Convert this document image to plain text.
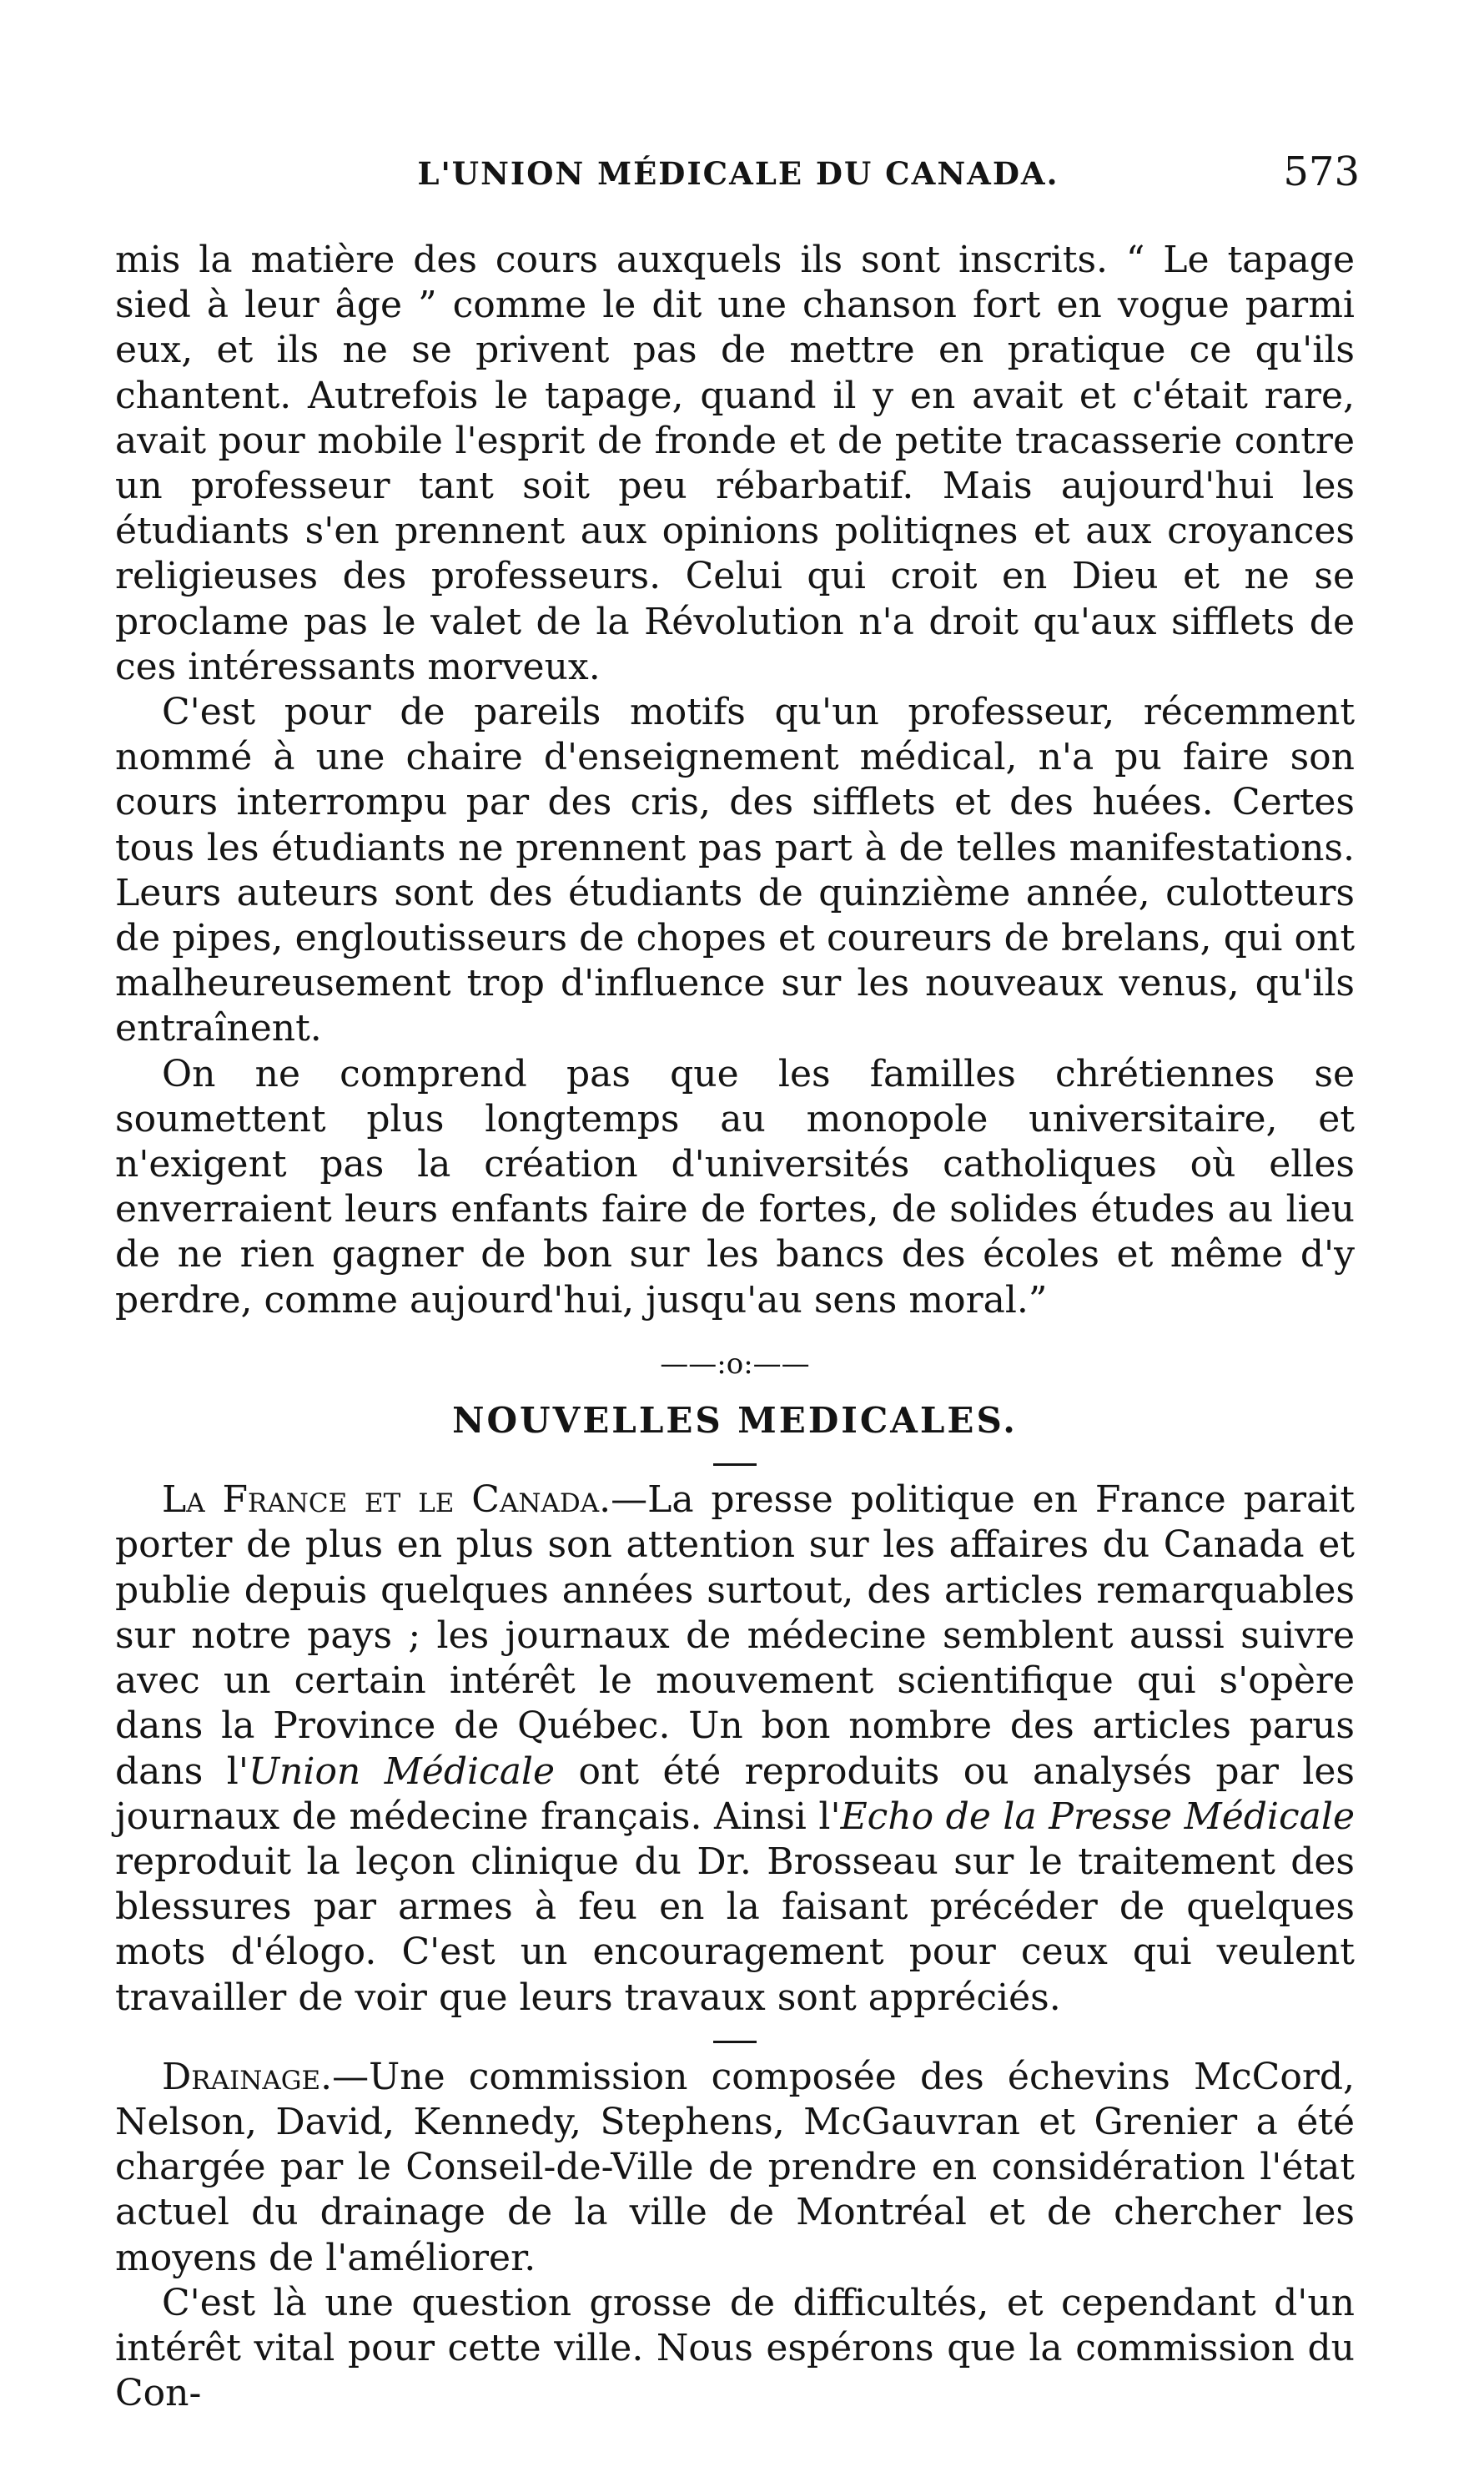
L'UNION MÉDICALE DU CANADA.	573

mis la matière des cours auxquels ils sont inscrits. “ Le tapage sied à leur âge ” comme le dit une chanson fort en vogue parmi eux, et ils ne se privent pas de mettre en pratique ce qu'ils chantent. Autrefois le tapage, quand il y en avait et c'était rare, avait pour mobile l'esprit de fronde et de petite tracasserie contre un professeur tant soit peu rébarbatif. Mais aujourd'hui les étudiants s'en prennent aux opinions politiqnes et aux croyances religieuses des professeurs. Celui qui croit en Dieu et ne se proclame pas le valet de la Révolution n'a droit qu'aux sifflets de ces intéressants morveux.

C'est pour de pareils motifs qu'un professeur, récemment nommé à une chaire d'enseignement médical, n'a pu faire son cours interrompu par des cris, des sifflets et des huées. Certes tous les étudiants ne prennent pas part à de telles manifestations. Leurs auteurs sont des étudiants de quinzième année, culotteurs de pipes, engloutisseurs de chopes et coureurs de brelans, qui ont malheureusement trop d'influence sur les nouveaux venus, qu'ils entraînent.

On ne comprend pas que les familles chrétiennes se soumettent plus longtemps au monopole universitaire, et n'exigent pas la création d'universités catholiques où elles enverraient leurs enfants faire de fortes, de solides études au lieu de ne rien gagner de bon sur les bancs des écoles et même d'y perdre, comme aujourd'hui, jusqu'au sens moral.”

——:o:——
NOUVELLES MEDICALES.

La France et le Canada.—La presse politique en France parait porter de plus en plus son attention sur les affaires du Canada et publie depuis quelques années surtout, des articles remarquables sur notre pays ; les journaux de médecine semblent aussi suivre avec un certain intérêt le mouvement scientifique qui s'opère dans la Province de Québec. Un bon nombre des articles parus dans l'Union Médicale ont été reproduits ou analysés par les journaux de médecine français. Ainsi l'Echo de la Presse Médicale reproduit la leçon clinique du Dr. Brosseau sur le traitement des blessures par armes à feu en la faisant précéder de quelques mots d'élogo. C'est un encouragement pour ceux qui veulent travailler de voir que leurs travaux sont appréciés.

Drainage.—Une commission composée des échevins McCord, Nelson, David, Kennedy, Stephens, McGauvran et Grenier a été chargée par le Conseil-de-Ville de prendre en considération l'état actuel du drainage de la ville de Montréal et de chercher les moyens de l'améliorer.

C'est là une question grosse de difficultés, et cependant d'un intérêt vital pour cette ville. Nous espérons que la commission du Con-
